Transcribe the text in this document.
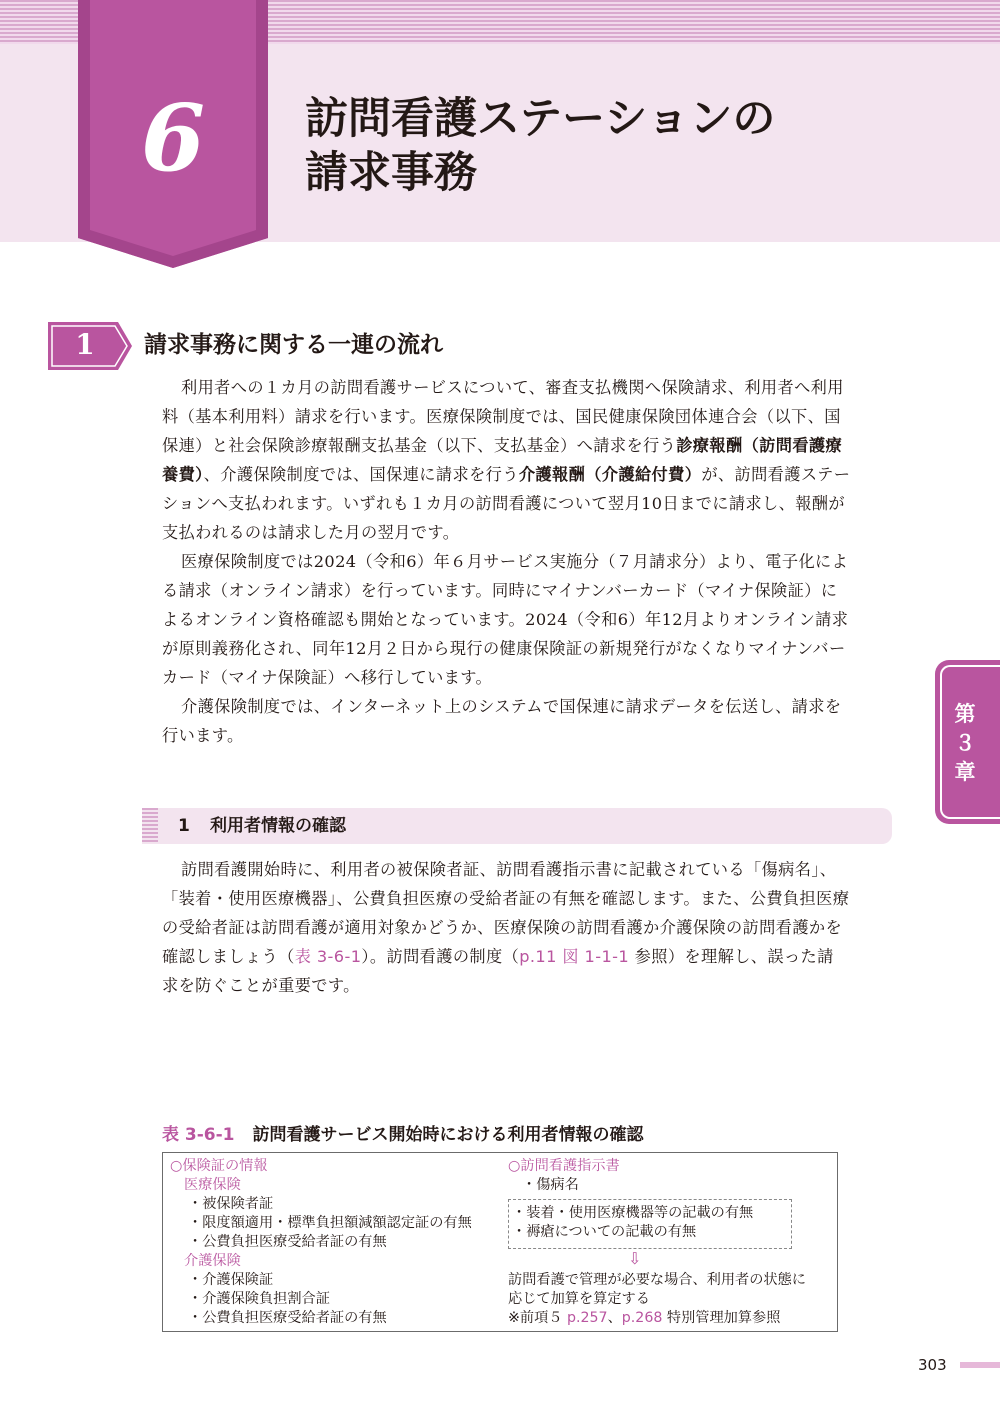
6	訪問看護ステーションの
請求事務
第
３
章
1	請求事務に関する一連の流れ
利用者への１カ月の訪問看護サービスについて、審査支払機関へ保険請求、利用者へ利用
料（基本利用料）請求を行います。医療保険制度では、国民健康保険団体連合会（以下、国
保連）と社会保険診療報酬支払基金（以下、支払基金）へ請求を行う診療報酬（訪問看護療
養費）、介護保険制度では、国保連に請求を行う介護報酬（介護給付費）が、訪問看護ステー
ションへ支払われます。いずれも１カ月の訪問看護について翌月10日までに請求し、報酬が
支払われるのは請求した月の翌月です。
医療保険制度では2024（令和6）年６月サービス実施分（７月請求分）より、電子化によ
る請求（オンライン請求）を行っています。同時にマイナンバーカード（マイナ保険証）に
よるオンライン資格確認も開始となっています。2024（令和6）年12月よりオンライン請求
が原則義務化され、同年12月２日から現行の健康保険証の新規発行がなくなりマイナンバー
カード（マイナ保険証）へ移行しています。
介護保険制度では、インターネット上のシステムで国保連に請求データを伝送し、請求を
行います。
1 利用者情報の確認
訪問看護開始時に、利用者の被保険者証、訪問看護指示書に記載されている「傷病名」、
「装着・使用医療機器」、公費負担医療の受給者証の有無を確認します。また、公費負担医療
の受給者証は訪問看護が適用対象かどうか、医療保険の訪問看護か介護保険の訪問看護かを
確認しましょう（表 3-6-1）。訪問看護の制度（p.11 図 1-1-1 参照）を理解し、誤った請
求を防ぐことが重要です。
表 3-6-1 訪問看護サービス開始時における利用者情報の確認
○保険証の情報
医療保険
・被保険者証
・限度額適用・標準負担額減額認定証の有無
・公費負担医療受給者証の有無
介護保険
・介護保険証
・介護保険負担割合証
・公費負担医療受給者証の有無
○訪問看護指示書
・傷病名
・装着・使用医療機器等の記載の有無
・褥瘡についての記載の有無
⇩
訪問看護で管理が必要な場合、利用者の状態に
応じて加算を算定する
※前項５ p.257、p.268 特別管理加算参照
303
